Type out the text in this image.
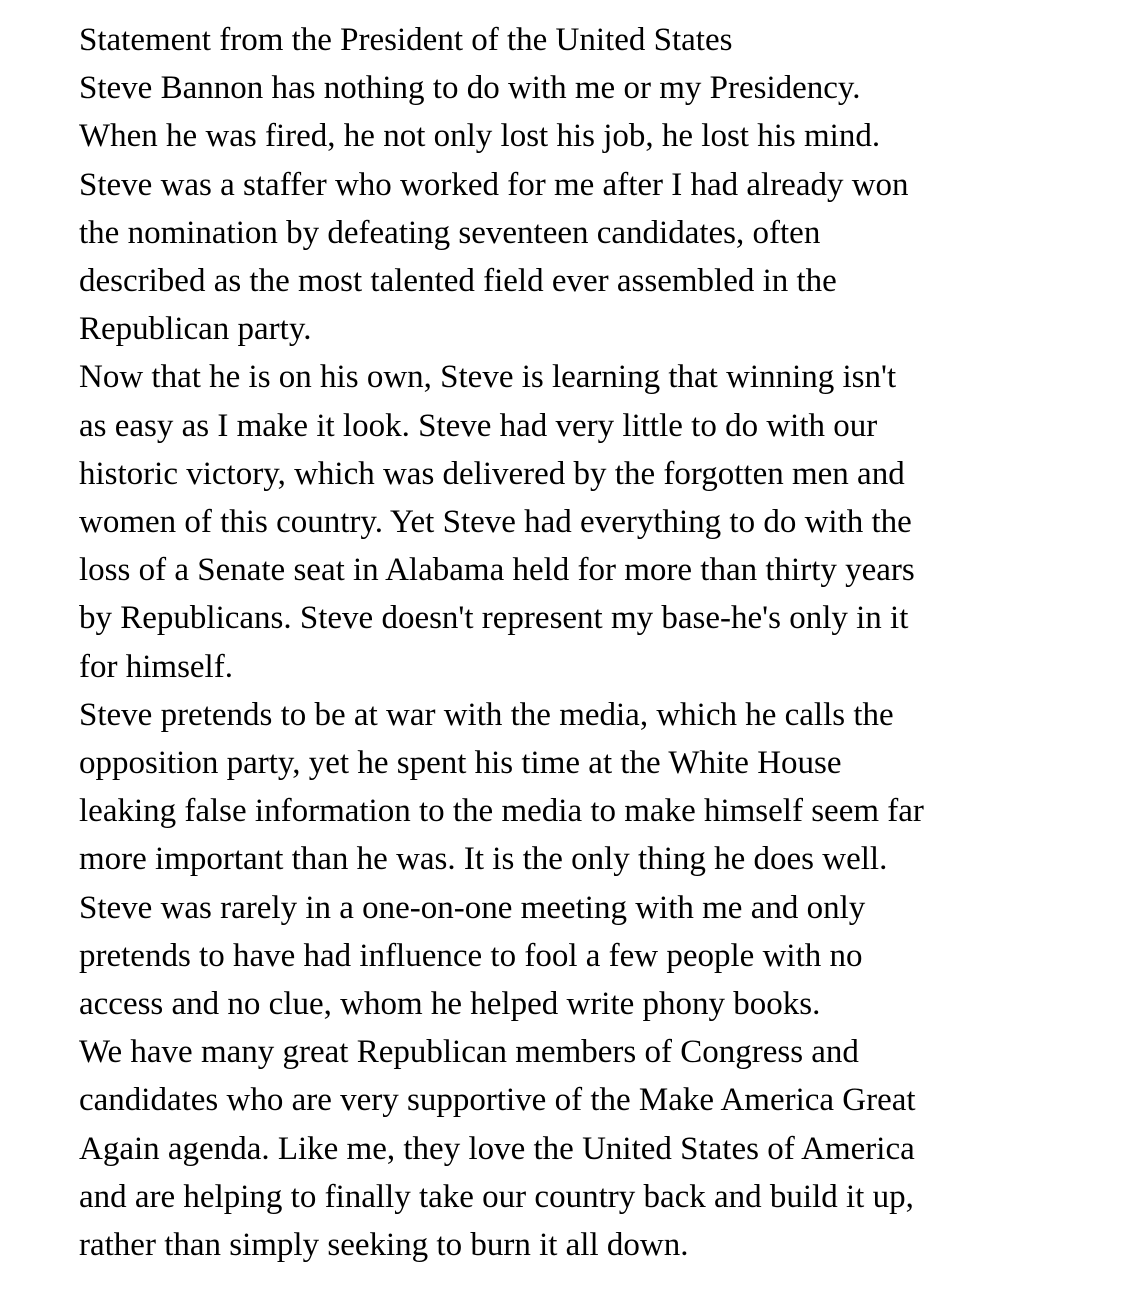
Statement from the President of the United States
Steve Bannon has nothing to do with me or my Presidency.
When he was fired, he not only lost his job, he lost his mind.
Steve was a staffer who worked for me after I had already won
the nomination by defeating seventeen candidates, often
described as the most talented field ever assembled in the
Republican party.
Now that he is on his own, Steve is learning that winning isn't
as easy as I make it look. Steve had very little to do with our
historic victory, which was delivered by the forgotten men and
women of this country. Yet Steve had everything to do with the
loss of a Senate seat in Alabama held for more than thirty years
by Republicans. Steve doesn't represent my base-he's only in it
for himself.
Steve pretends to be at war with the media, which he calls the
opposition party, yet he spent his time at the White House
leaking false information to the media to make himself seem far
more important than he was. It is the only thing he does well.
Steve was rarely in a one-on-one meeting with me and only
pretends to have had influence to fool a few people with no
access and no clue, whom he helped write phony books.
We have many great Republican members of Congress and
candidates who are very supportive of the Make America Great
Again agenda. Like me, they love the United States of America
and are helping to finally take our country back and build it up,
rather than simply seeking to burn it all down.
